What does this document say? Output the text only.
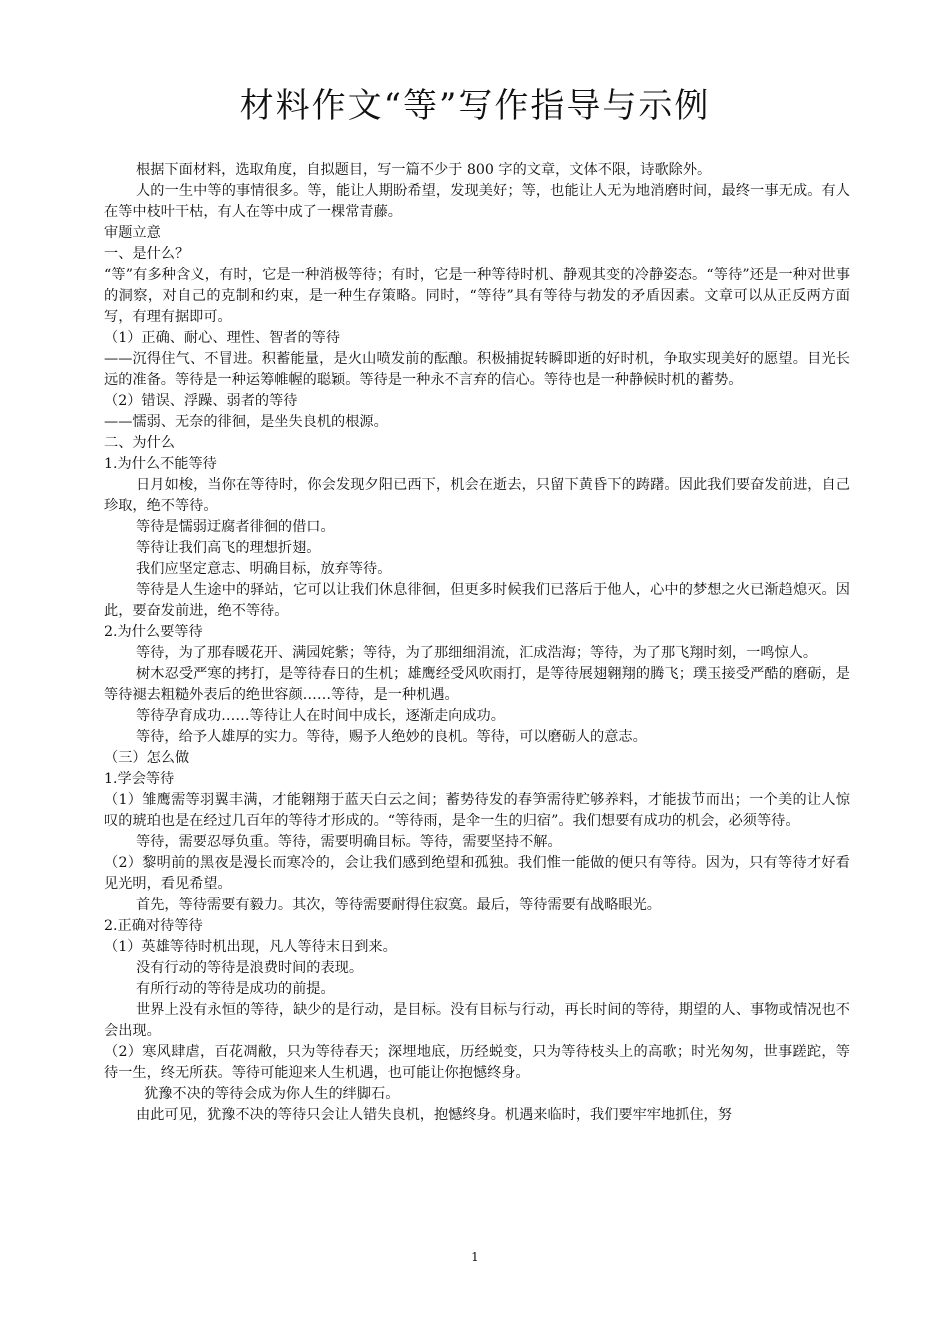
材料作文“等”写作指导与示例

根据下面材料，选取角度，自拟题目，写一篇不少于 800 字的文章，文体不限，诗歌除外。

人的一生中等的事情很多。等，能让人期盼希望，发现美好；等，也能让人无为地消磨时间，最终一事无成。有人在等中枝叶干枯，有人在等中成了一棵常青藤。

审题立意

一、是什么？

“等”有多种含义，有时，它是一种消极等待；有时，它是一种等待时机、静观其变的冷静姿态。“等待”还是一种对世事的洞察，对自己的克制和约束，是一种生存策略。同时，“等待”具有等待与勃发的矛盾因素。文章可以从正反两方面写，有理有据即可。

（1）正确、耐心、理性、智者的等待

——沉得住气、不冒进。积蓄能量，是火山喷发前的酝酿。积极捕捉转瞬即逝的好时机，争取实现美好的愿望。目光长远的准备。等待是一种运筹帷幄的聪颖。等待是一种永不言弃的信心。等待也是一种静候时机的蓄势。

（2）错误、浮躁、弱者的等待

——懦弱、无奈的徘徊，是坐失良机的根源。

二、为什么

1.为什么不能等待

日月如梭，当你在等待时，你会发现夕阳已西下，机会在逝去，只留下黄昏下的踌躇。因此我们要奋发前进，自己珍取，绝不等待。

等待是懦弱迂腐者徘徊的借口。

等待让我们高飞的理想折翅。

我们应坚定意志、明确目标，放弃等待。

等待是人生途中的驿站，它可以让我们休息徘徊，但更多时候我们已落后于他人，心中的梦想之火已渐趋熄灭。因此，要奋发前进，绝不等待。

2.为什么要等待

等待，为了那春暖花开、满园姹紫；等待，为了那细细涓流，汇成浩海；等待，为了那飞翔时刻，一鸣惊人。

树木忍受严寒的拷打，是等待春日的生机；雄鹰经受风吹雨打，是等待展翅翱翔的腾飞；璞玉接受严酷的磨砺，是等待褪去粗糙外表后的绝世容颜……等待，是一种机遇。

等待孕育成功……等待让人在时间中成长，逐渐走向成功。

等待，给予人雄厚的实力。等待，赐予人绝妙的良机。等待，可以磨砺人的意志。

（三）怎么做

1.学会等待

（1）雏鹰需等羽翼丰满，才能翱翔于蓝天白云之间；蓄势待发的春笋需待贮够养料，才能拔节而出；一个美的让人惊叹的琥珀也是在经过几百年的等待才形成的。“等待雨，是伞一生的归宿”。我们想要有成功的机会，必须等待。

等待，需要忍辱负重。等待，需要明确目标。等待，需要坚持不解。

（2）黎明前的黑夜是漫长而寒冷的，会让我们感到绝望和孤独。我们惟一能做的便只有等待。因为，只有等待才好看见光明，看见希望。

首先，等待需要有毅力。其次，等待需要耐得住寂寞。最后，等待需要有战略眼光。

2.正确对待等待

（1）英雄等待时机出现，凡人等待末日到来。

没有行动的等待是浪费时间的表现。

有所行动的等待是成功的前提。

世界上没有永恒的等待，缺少的是行动，是目标。没有目标与行动，再长时间的等待，期望的人、事物或情况也不会出现。

（2）寒风肆虐，百花凋敝，只为等待春天；深埋地底，历经蜕变，只为等待枝头上的高歌；时光匆匆，世事蹉跎，等待一生，终无所获。等待可能迎来人生机遇，也可能让你抱憾终身。

犹豫不决的等待会成为你人生的绊脚石。

由此可见，犹豫不决的等待只会让人错失良机，抱憾终身。机遇来临时，我们要牢牢地抓住，努

1
